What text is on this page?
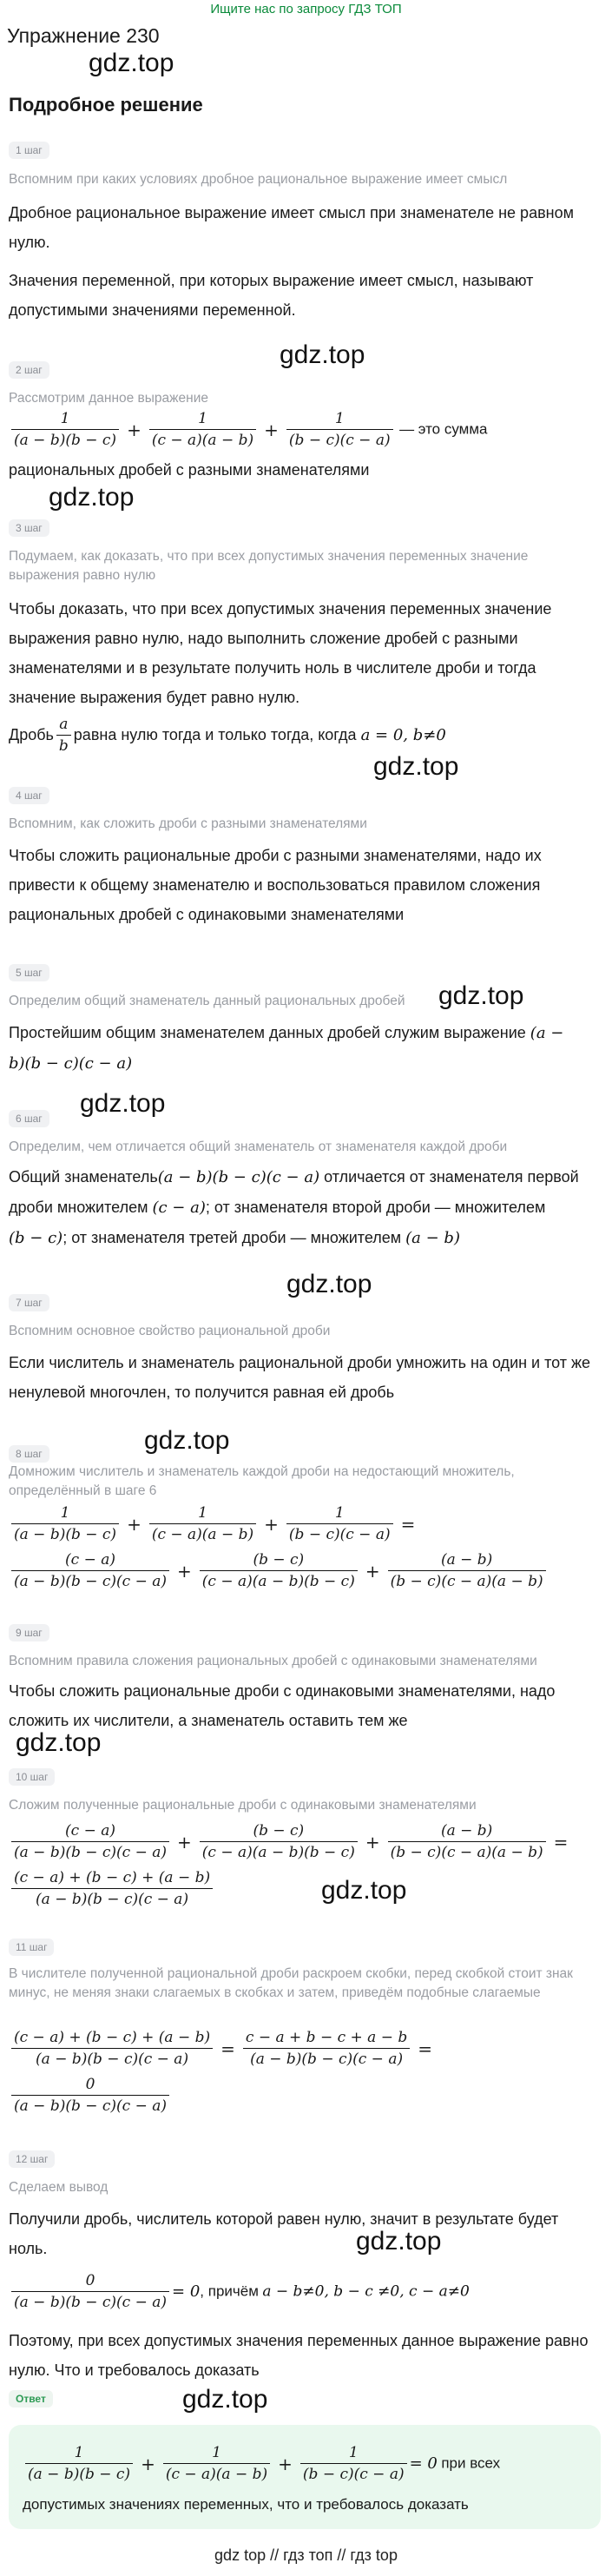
Ищите нас по запросу ГДЗ ТОП
Упражнение 230
gdz.top
Подробное решение
1 шаг
Вспомним при каких условиях дробное рациональное выражение имеет смысл
Дробное рациональное выражение имеет смысл при знаменателе не равном нулю.
Значения переменной, при которых выражение имеет смысл, называют допустимыми значениями переменной.
gdz.top
2 шаг
Рассмотрим данное выражение
$\frac{1}{(a - b)(b - c)} + \frac{1}{(c - a)(a - b)} + \frac{1}{(b - c)(c - a)}$ — это сумма
рациональных дробей с разными знаменателями
gdz.top
3 шаг
Подумаем, как доказать, что при всех допустимых значения переменных значение выражения равно нулю
Чтобы доказать, что при всех допустимых значения переменных значение выражения равно нулю, надо выполнить сложение дробей с разными знаменателями и в результате получить ноль в числителе дроби и тогда значение выражения будет равно нулю.
Дробь $\frac{a}{b}$ равна нулю тогда и только тогда, когда a = 0, b≠0
gdz.top
4 шаг
Вспомним, как сложить дроби с разными знаменателями
Чтобы сложить рациональные дроби с разными знаменателями, надо их привести к общему знаменателю и воспользоваться правилом сложения рациональных дробей с одинаковыми знаменателями
5 шаг
Определим общий знаменатель данный рациональных дробей gdz.top
Простейшим общим знаменателем данных дробей служим выражение (a −
b)(b − c)(c − a)
gdz.top
6 шаг
Определим, чем отличается общий знаменатель от знаменателя каждой дроби
Общий знаменатель(a − b)(b − c)(c − a) отличается от знаменателя первой
дроби множителем (c − a); от знаменателя второй дроби — множителем
(b − c); от знаменателя третей дроби — множителем (a − b)
gdz.top
7 шаг
Вспомним основное свойство рациональной дроби
Если числитель и знаменатель рациональной дроби умножить на один и тот же ненулевой многочлен, то получится равная ей дробь
gdz.top
8 шаг
Домножим числитель и знаменатель каждой дроби на недостающий множитель, определённый в шаге 6
$\frac{1}{(a - b)(b - c)} + \frac{1}{(c - a)(a - b)} + \frac{1}{(b - c)(c - a)}$ =
$\frac{(c - a)}{(a - b)(b - c)(c - a)} + \frac{(b - c)}{(c - a)(a - b)(b - c)} + \frac{(a - b)}{(b - c)(c - a)(a - b)}$
9 шаг
Вспомним правила сложения рациональных дробей с одинаковыми знаменателями
Чтобы сложить рациональные дроби с одинаковыми знаменателями, надо сложить их числители, а знаменатель оставить тем же
gdz.top
10 шаг
Сложим полученные рациональные дроби с одинаковыми знаменателями
$\frac{(c - a)}{(a - b)(b - c)(c - a)} + \frac{(b - c)}{(c - a)(a - b)(b - c)} + \frac{(a - b)}{(b - c)(c - a)(a - b)}$ =
$\frac{(c - a) + (b - c) + (a - b)}{(a - b)(b - c)(c - a)}$	gdz.top
11 шаг
В числителе полученной рациональной дроби раскроем скобки, перед скобкой стоит знак минус, не меняя знаки слагаемых в скобках и затем, приведём подобные слагаемые
$\frac{(c - a) + (b - c) + (a - b)}{(a - b)(b - c)(c - a)} = \frac{c - a + b - c + a - b}{(a - b)(b - c)(c - a)}$ =
$\frac{0}{(a - b)(b - c)(c - a)}$
12 шаг
Сделаем вывод
Получили дробь, числитель которой равен нулю, значит в результате будет ноль.	gdz.top
$\frac{0}{(a - b)(b - c)(c - a)} = 0$, причём a − b≠0, b − c ≠0, c − a≠0
Поэтому, при всех допустимых значения переменных данное выражение равно нулю. Что и требовалось доказать
Ответ	gdz.top
$\frac{1}{(a - b)(b - c)} + \frac{1}{(c - a)(a - b)} + \frac{1}{(b - c)(c - a)} = 0$ при всех
допустимых значениях переменных, что и требовалось доказать
gdz top // гдз топ // гдз top
